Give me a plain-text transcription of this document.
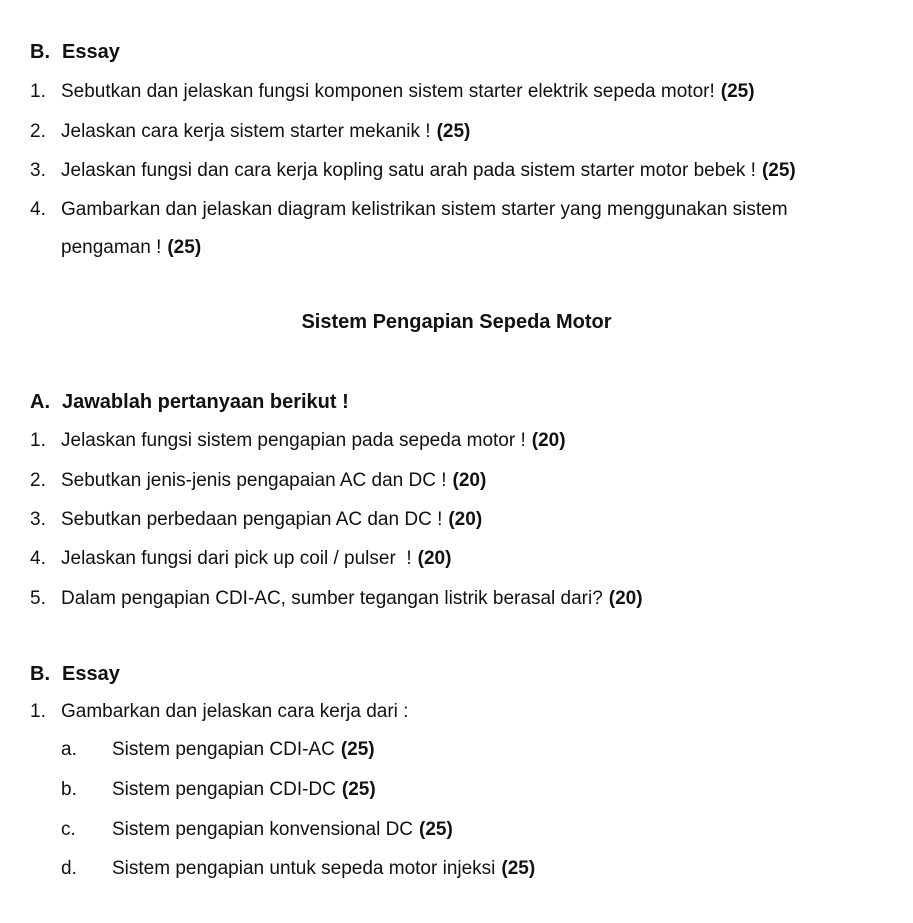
B. Essay
1. Sebutkan dan jelaskan fungsi komponen sistem starter elektrik sepeda motor! (25)
2. Jelaskan cara kerja sistem starter mekanik ! (25)
3. Jelaskan fungsi dan cara kerja kopling satu arah pada sistem starter motor bebek ! (25)
4. Gambarkan dan jelaskan diagram kelistrikan sistem starter yang menggunakan sistem
pengaman ! (25)
Sistem Pengapian Sepeda Motor
A. Jawablah pertanyaan berikut !
1. Jelaskan fungsi sistem pengapian pada sepeda motor ! (20)
2. Sebutkan jenis-jenis pengapaian AC dan DC ! (20)
3. Sebutkan perbedaan pengapian AC dan DC ! (20)
4. Jelaskan fungsi dari pick up coil / pulser  ! (20)
5. Dalam pengapian CDI-AC, sumber tegangan listrik berasal dari? (20)
B. Essay
1. Gambarkan dan jelaskan cara kerja dari :
a. Sistem pengapian CDI-AC (25)
b. Sistem pengapian CDI-DC (25)
c. Sistem pengapian konvensional DC (25)
d. Sistem pengapian untuk sepeda motor injeksi (25)
